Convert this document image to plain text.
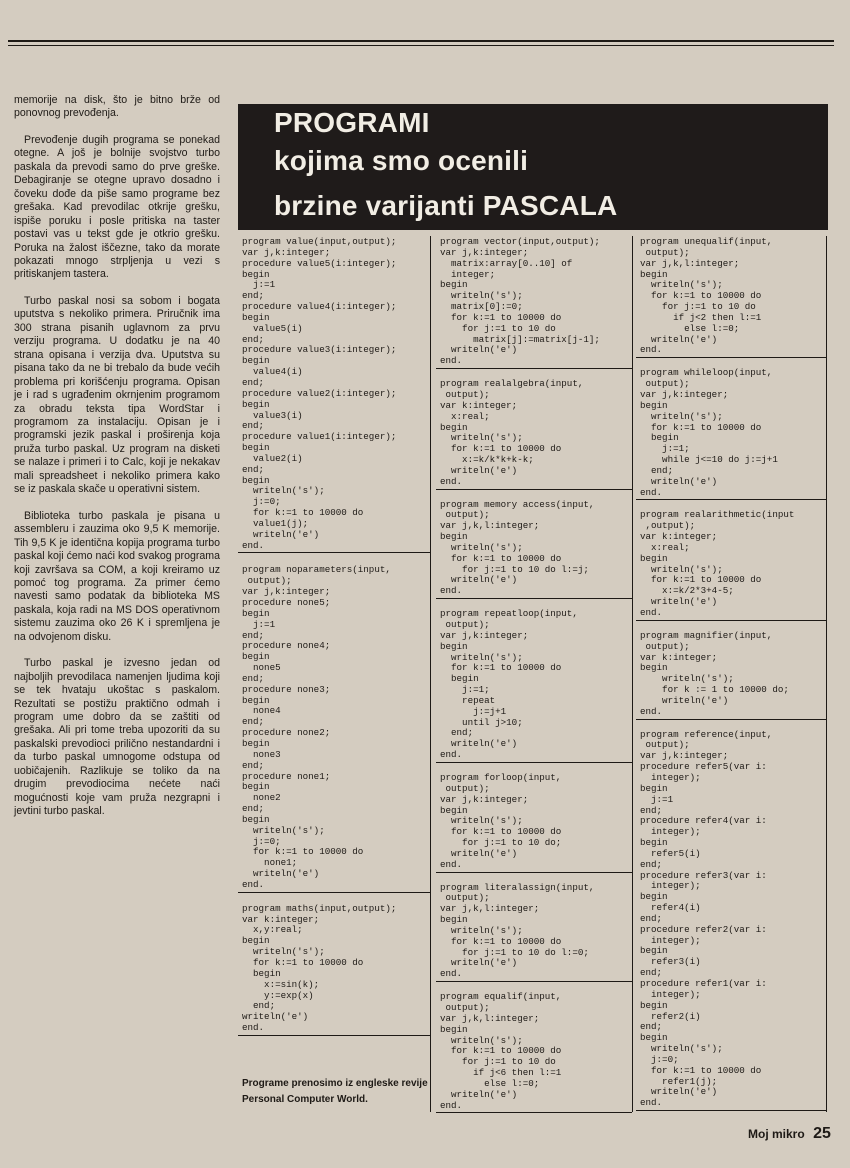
memorije na disk, što je bitno brže od ponovnog prevođenja.

Prevođenje dugih programa se ponekad otegne. A još je bolnije svojstvo turbo paskala da prevodi samo do prve greške. Debagiranje se otegne upravo dosadno i čoveku dođe da piše samo programe bez grešaka. Kad prevodilac otkrije grešku, ispiše poruku i posle pritiska na taster postavi vas u tekst gde je otkrio grešku. Poruka na žalost iščezne, tako da morate pokazati mnogo strpljenja u vezi s pritiskanjem tastera.

Turbo paskal nosi sa sobom i bogata uputstva s nekoliko primera. Priručnik ima 300 strana pisanih uglavnom za prvu verziju programa. U dodatku je na 40 strana opisana i verzija dva. Uputstva su pisana tako da ne bi trebalo da bude većih problema pri korišćenju programa. Opisan je i rad s ugrađenim okrnjenim programom za obradu teksta tipa WordStar i programom za instalaciju. Opisan je i programski jezik paskal i proširenja koja pruža turbo paskal. Uz program na disketi se nalaze i primeri i to Calc, koji je nekakav mali spreadsheet i nekoliko primera kako se iz paskala skače u operativni sistem.

Biblioteka turbo paskala je pisana u assembleru i zauzima oko 9,5 K memorije. Tih 9,5 K je identična kopija programa turbo paskal koji ćemo naći kod svakog programa koji završava sa COM, a koji kreiramo uz pomoć tog programa. Za primer ćemo navesti samo podatak da biblioteka MS paskala, koja radi na MS DOS operativnom sistemu zauzima oko 26 K i spremljena je na odvojenom disku.

Turbo paskal je izvesno jedan od najboljih prevodilaca namenjen ljudima koji se tek hvataju ukoštac s paskalom. Rezultati se postižu praktično odmah i program ume dobro da se zaštiti od grešaka. Ali pri tome treba upozoriti da su paskalski prevodioci prilično nestandardni i da turbo paskal umnogome odstupa od uobičajenih. Razlikuje se toliko da na drugim prevodiocima nećete naći mogućnosti koje vam pruža nezgrapni i jevtini turbo paskal.

PROGRAMI
kojima smo ocenili
brzine varijanti PASCALA
program value(input,output);
var j,k:integer;
procedure value5(i:integer);
begin
j:=1
end;
procedure value4(i:integer);
begin
value5(i)
end;
procedure value3(i:integer);
begin
value4(i)
end;
procedure value2(i:integer);
begin
value3(i)
end;
procedure value1(i:integer);
begin
value2(i)
end;
begin
writeln('s');
j:=0;
for k:=1 to 10000 do
value1(j);
writeln('e')
end.
program noparameters(input,
output);
var j,k:integer;
procedure none5;
begin
j:=1
end;
procedure none4;
begin
none5
end;
procedure none3;
begin
none4
end;
procedure none2;
begin
none3
end;
procedure none1;
begin
none2
end;
begin
writeln('s');
j:=0;
for k:=1 to 10000 do
none1;
writeln('e')
end.
program maths(input,output);
var k:integer;
x,y:real;
begin
writeln('s');
for k:=1 to 10000 do
begin
x:=sin(k);
y:=exp(x)
end;
writeln('e')
end.
program vector(input,output);
var j,k:integer;
matrix:array[0..10] of
integer;
begin
writeln('s');
matrix[0]:=0;
for k:=1 to 10000 do
for j:=1 to 10 do
matrix[j]:=matrix[j-1];
writeln('e')
end.
program realalgebra(input,
output);
var k:integer;
x:real;
begin
writeln('s');
for k:=1 to 10000 do
x:=k/k*k+k-k;
writeln('e')
end.
program memory access(input,
output);
var j,k,l:integer;
begin
writeln('s');
for k:=1 to 10000 do
for j:=1 to 10 do l:=j;
writeln('e')
end.
program repeatloop(input,
output);
var j,k:integer;
begin
writeln('s');
for k:=1 to 10000 do
begin
j:=1;
repeat
j:=j+1
until j>10;
end;
writeln('e')
end.
program forloop(input,
output);
var j,k:integer;
begin
writeln('s');
for k:=1 to 10000 do
for j:=1 to 10 do;
writeln('e')
end.
program literalassign(input,
output);
var j,k,l:integer;
begin
writeln('s');
for k:=1 to 10000 do
for j:=1 to 10 do l:=0;
writeln('e')
end.
program equalif(input,
output);
var j,k,l:integer;
begin
writeln('s');
for k:=1 to 10000 do
for j:=1 to 10 do
if j<6 then l:=1
else l:=0;
writeln('e')
end.
program unequalif(input,
output);
var j,k,l:integer;
begin
writeln('s');
for k:=1 to 10000 do
for j:=1 to 10 do
if j<2 then l:=1
else l:=0;
writeln('e')
end.
program whileloop(input,
output);
var j,k:integer;
begin
writeln('s');
for k:=1 to 10000 do
begin
j:=1;
while j<=10 do j:=j+1
end;
writeln('e')
end.
program realarithmetic(input
,output);
var k:integer;
x:real;
begin
writeln('s');
for k:=1 to 10000 do
x:=k/2*3+4-5;
writeln('e')
end.
program magnifier(input,
output);
var k:integer;
begin
writeln('s');
for k := 1 to 10000 do;
writeln('e')
end.
program reference(input,
output);
var j,k:integer;
procedure refer5(var i:
integer);
begin
j:=1
end;
procedure refer4(var i:
integer);
begin
refer5(i)
end;
procedure refer3(var i:
integer);
begin
refer4(i)
end;
procedure refer2(var i:
integer);
begin
refer3(i)
end;
procedure refer1(var i:
integer);
begin
refer2(i)
end;
begin
writeln('s');
j:=0;
for k:=1 to 10000 do
refer1(j);
writeln('e')
end.
Programe prenosimo iz engleske revije Personal Computer World.
Moj mikro 25
